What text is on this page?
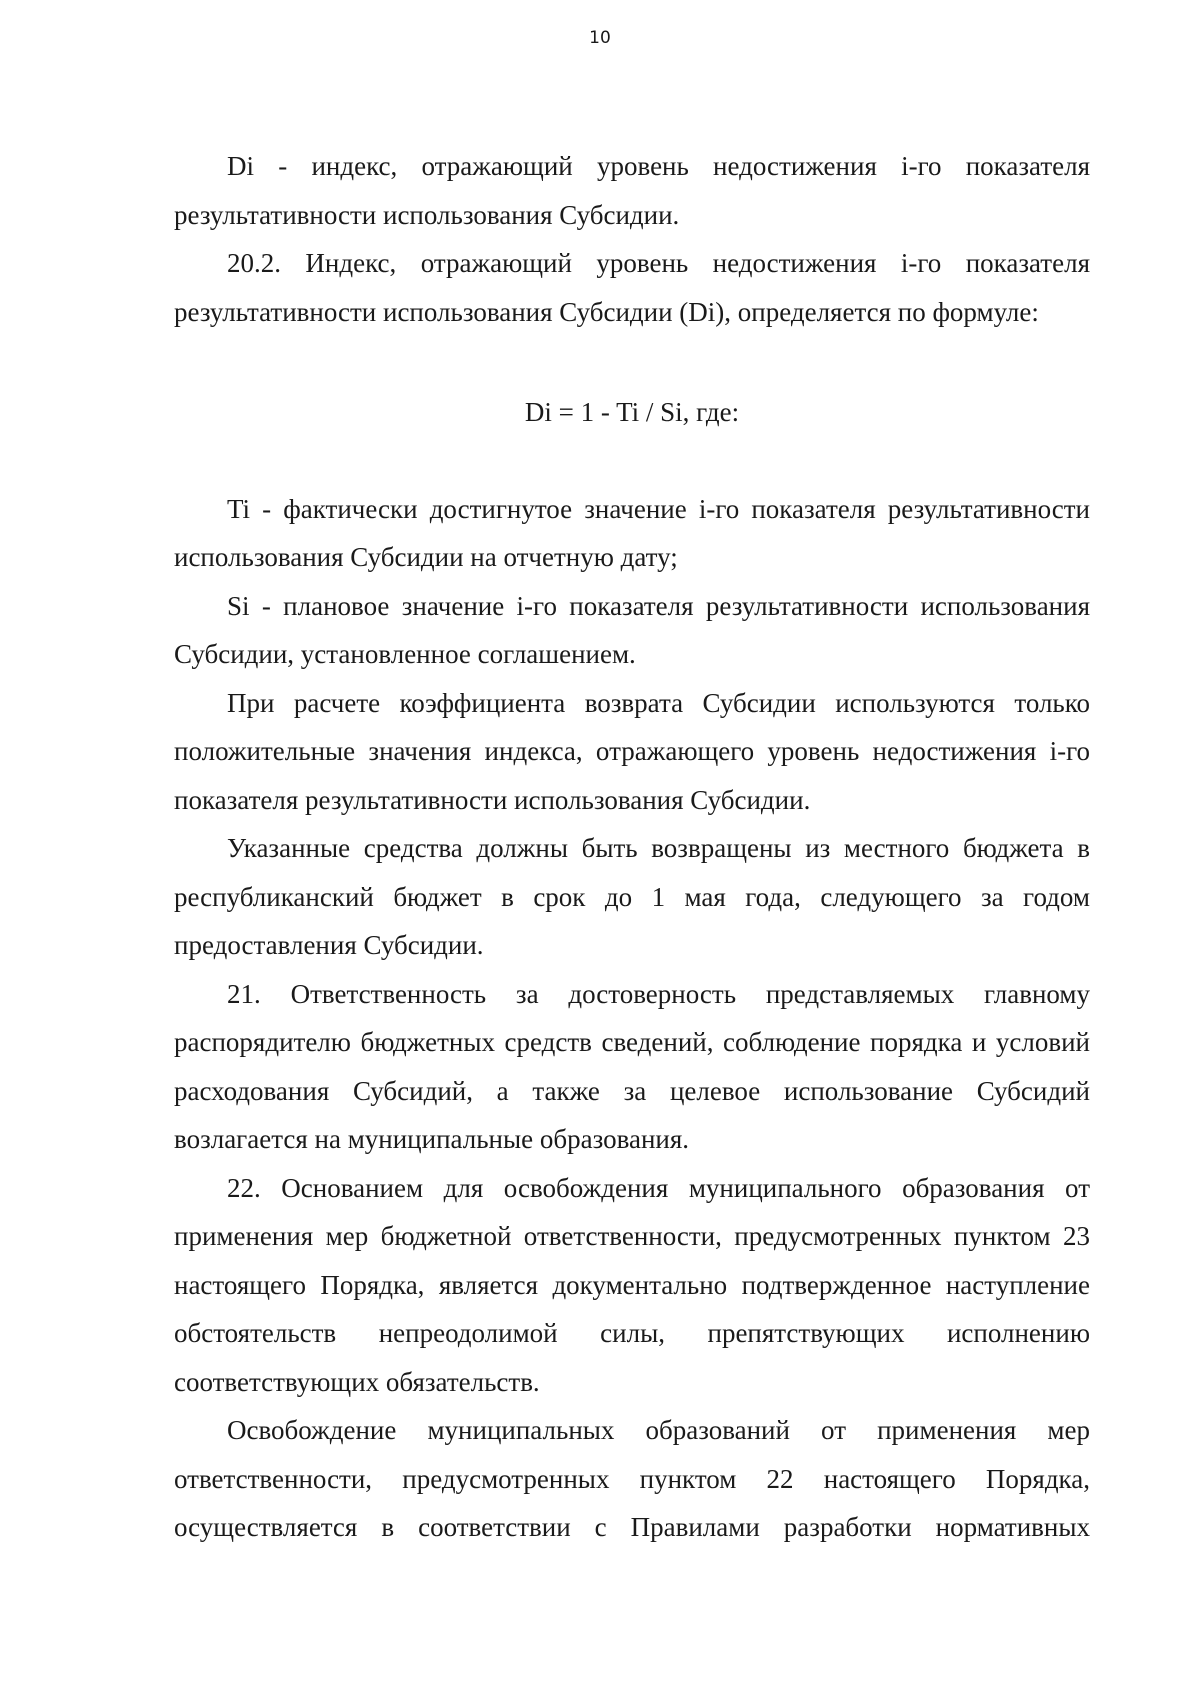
10

Di - индекс, отражающий уровень недостижения i-го показателя результативности использования Субсидии.

20.2. Индекс, отражающий уровень недостижения i-го показателя результативности использования Субсидии (Di), определяется по формуле:

Di = 1 - Ti / Si, где:

Ti - фактически достигнутое значение i-го показателя результативности использования Субсидии на отчетную дату;

Si - плановое значение i-го показателя результативности использования Субсидии, установленное соглашением.

При расчете коэффициента возврата Субсидии используются только положительные значения индекса, отражающего уровень недостижения i-го показателя результативности использования Субсидии.

Указанные средства должны быть возвращены из местного бюджета в республиканский бюджет в срок до 1 мая года, следующего за годом предоставления Субсидии.

21. Ответственность за достоверность представляемых главному распорядителю бюджетных средств сведений, соблюдение порядка и условий расходования Субсидий, а также за целевое использование Субсидий возлагается на муниципальные образования.

22. Основанием для освобождения муниципального образования от применения мер бюджетной ответственности, предусмотренных пунктом 23 настоящего Порядка, является документально подтвержденное наступление обстоятельств непреодолимой силы, препятствующих исполнению соответствующих обязательств.

Освобождение муниципальных образований от применения мер ответственности, предусмотренных пунктом 22 настоящего Порядка, осуществляется в соответствии с Правилами разработки нормативных
